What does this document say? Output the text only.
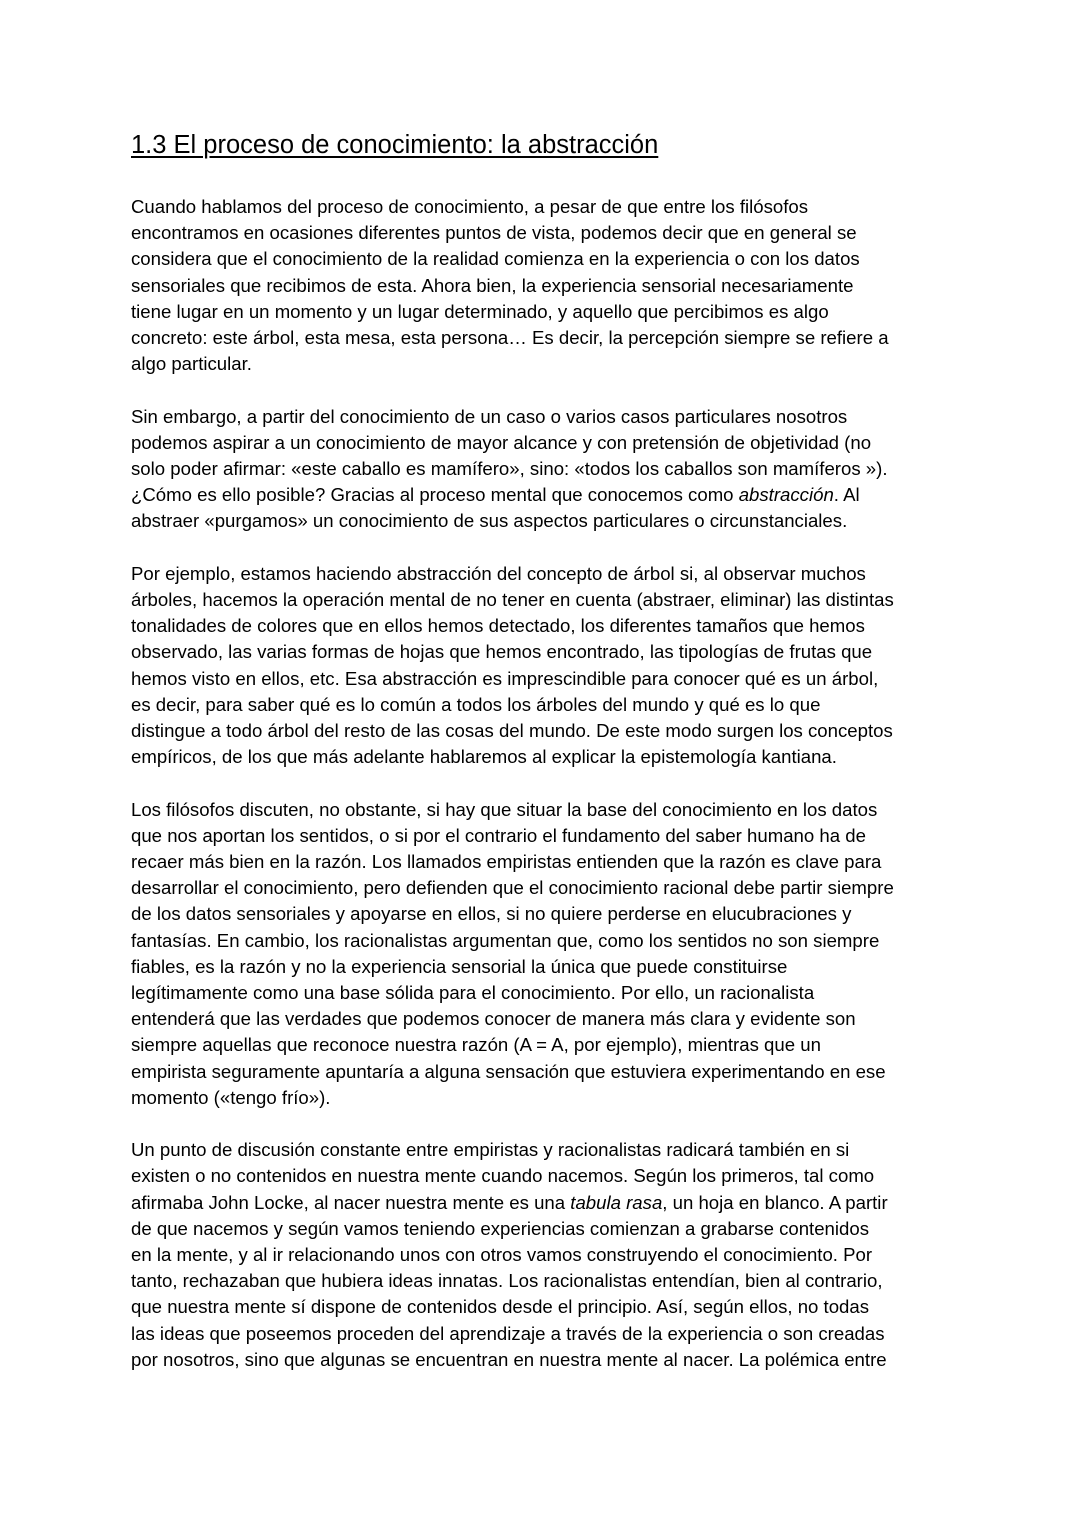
1.3 El proceso de conocimiento: la abstracción

Cuando hablamos del proceso de conocimiento, a pesar de que entre los filósofos
encontramos en ocasiones diferentes puntos de vista, podemos decir que en general se
considera que el conocimiento de la realidad comienza en la experiencia o con los datos
sensoriales que recibimos de esta. Ahora bien, la experiencia sensorial necesariamente
tiene lugar en un momento y un lugar determinado, y aquello que percibimos es algo
concreto: este árbol, esta mesa, esta persona… Es decir, la percepción siempre se refiere a
algo particular.

Sin embargo, a partir del conocimiento de un caso o varios casos particulares nosotros
podemos aspirar a un conocimiento de mayor alcance y con pretensión de objetividad (no
solo poder afirmar: «este caballo es mamífero», sino: «todos los caballos son mamíferos »).
¿Cómo es ello posible? Gracias al proceso mental que conocemos como abstracción. Al
abstraer «purgamos» un conocimiento de sus aspectos particulares o circunstanciales.

Por ejemplo, estamos haciendo abstracción del concepto de árbol si, al observar muchos
árboles, hacemos la operación mental de no tener en cuenta (abstraer, eliminar) las distintas
tonalidades de colores que en ellos hemos detectado, los diferentes tamaños que hemos
observado, las varias formas de hojas que hemos encontrado, las tipologías de frutas que
hemos visto en ellos, etc. Esa abstracción es imprescindible para conocer qué es un árbol,
es decir, para saber qué es lo común a todos los árboles del mundo y qué es lo que
distingue a todo árbol del resto de las cosas del mundo. De este modo surgen los conceptos
empíricos, de los que más adelante hablaremos al explicar la epistemología kantiana.

Los filósofos discuten, no obstante, si hay que situar la base del conocimiento en los datos
que nos aportan los sentidos, o si por el contrario el fundamento del saber humano ha de
recaer más bien en la razón. Los llamados empiristas entienden que la razón es clave para
desarrollar el conocimiento, pero defienden que el conocimiento racional debe partir siempre
de los datos sensoriales y apoyarse en ellos, si no quiere perderse en elucubraciones y
fantasías. En cambio, los racionalistas argumentan que, como los sentidos no son siempre
fiables, es la razón y no la experiencia sensorial la única que puede constituirse
legítimamente como una base sólida para el conocimiento. Por ello, un racionalista
entenderá que las verdades que podemos conocer de manera más clara y evidente son
siempre aquellas que reconoce nuestra razón (A = A, por ejemplo), mientras que un
empirista seguramente apuntaría a alguna sensación que estuviera experimentando en ese
momento («tengo frío»).

Un punto de discusión constante entre empiristas y racionalistas radicará también en si
existen o no contenidos en nuestra mente cuando nacemos. Según los primeros, tal como
afirmaba John Locke, al nacer nuestra mente es una tabula rasa, un hoja en blanco. A partir
de que nacemos y según vamos teniendo experiencias comienzan a grabarse contenidos
en la mente, y al ir relacionando unos con otros vamos construyendo el conocimiento. Por
tanto, rechazaban que hubiera ideas innatas. Los racionalistas entendían, bien al contrario,
que nuestra mente sí dispone de contenidos desde el principio. Así, según ellos, no todas
las ideas que poseemos proceden del aprendizaje a través de la experiencia o son creadas
por nosotros, sino que algunas se encuentran en nuestra mente al nacer. La polémica entre
